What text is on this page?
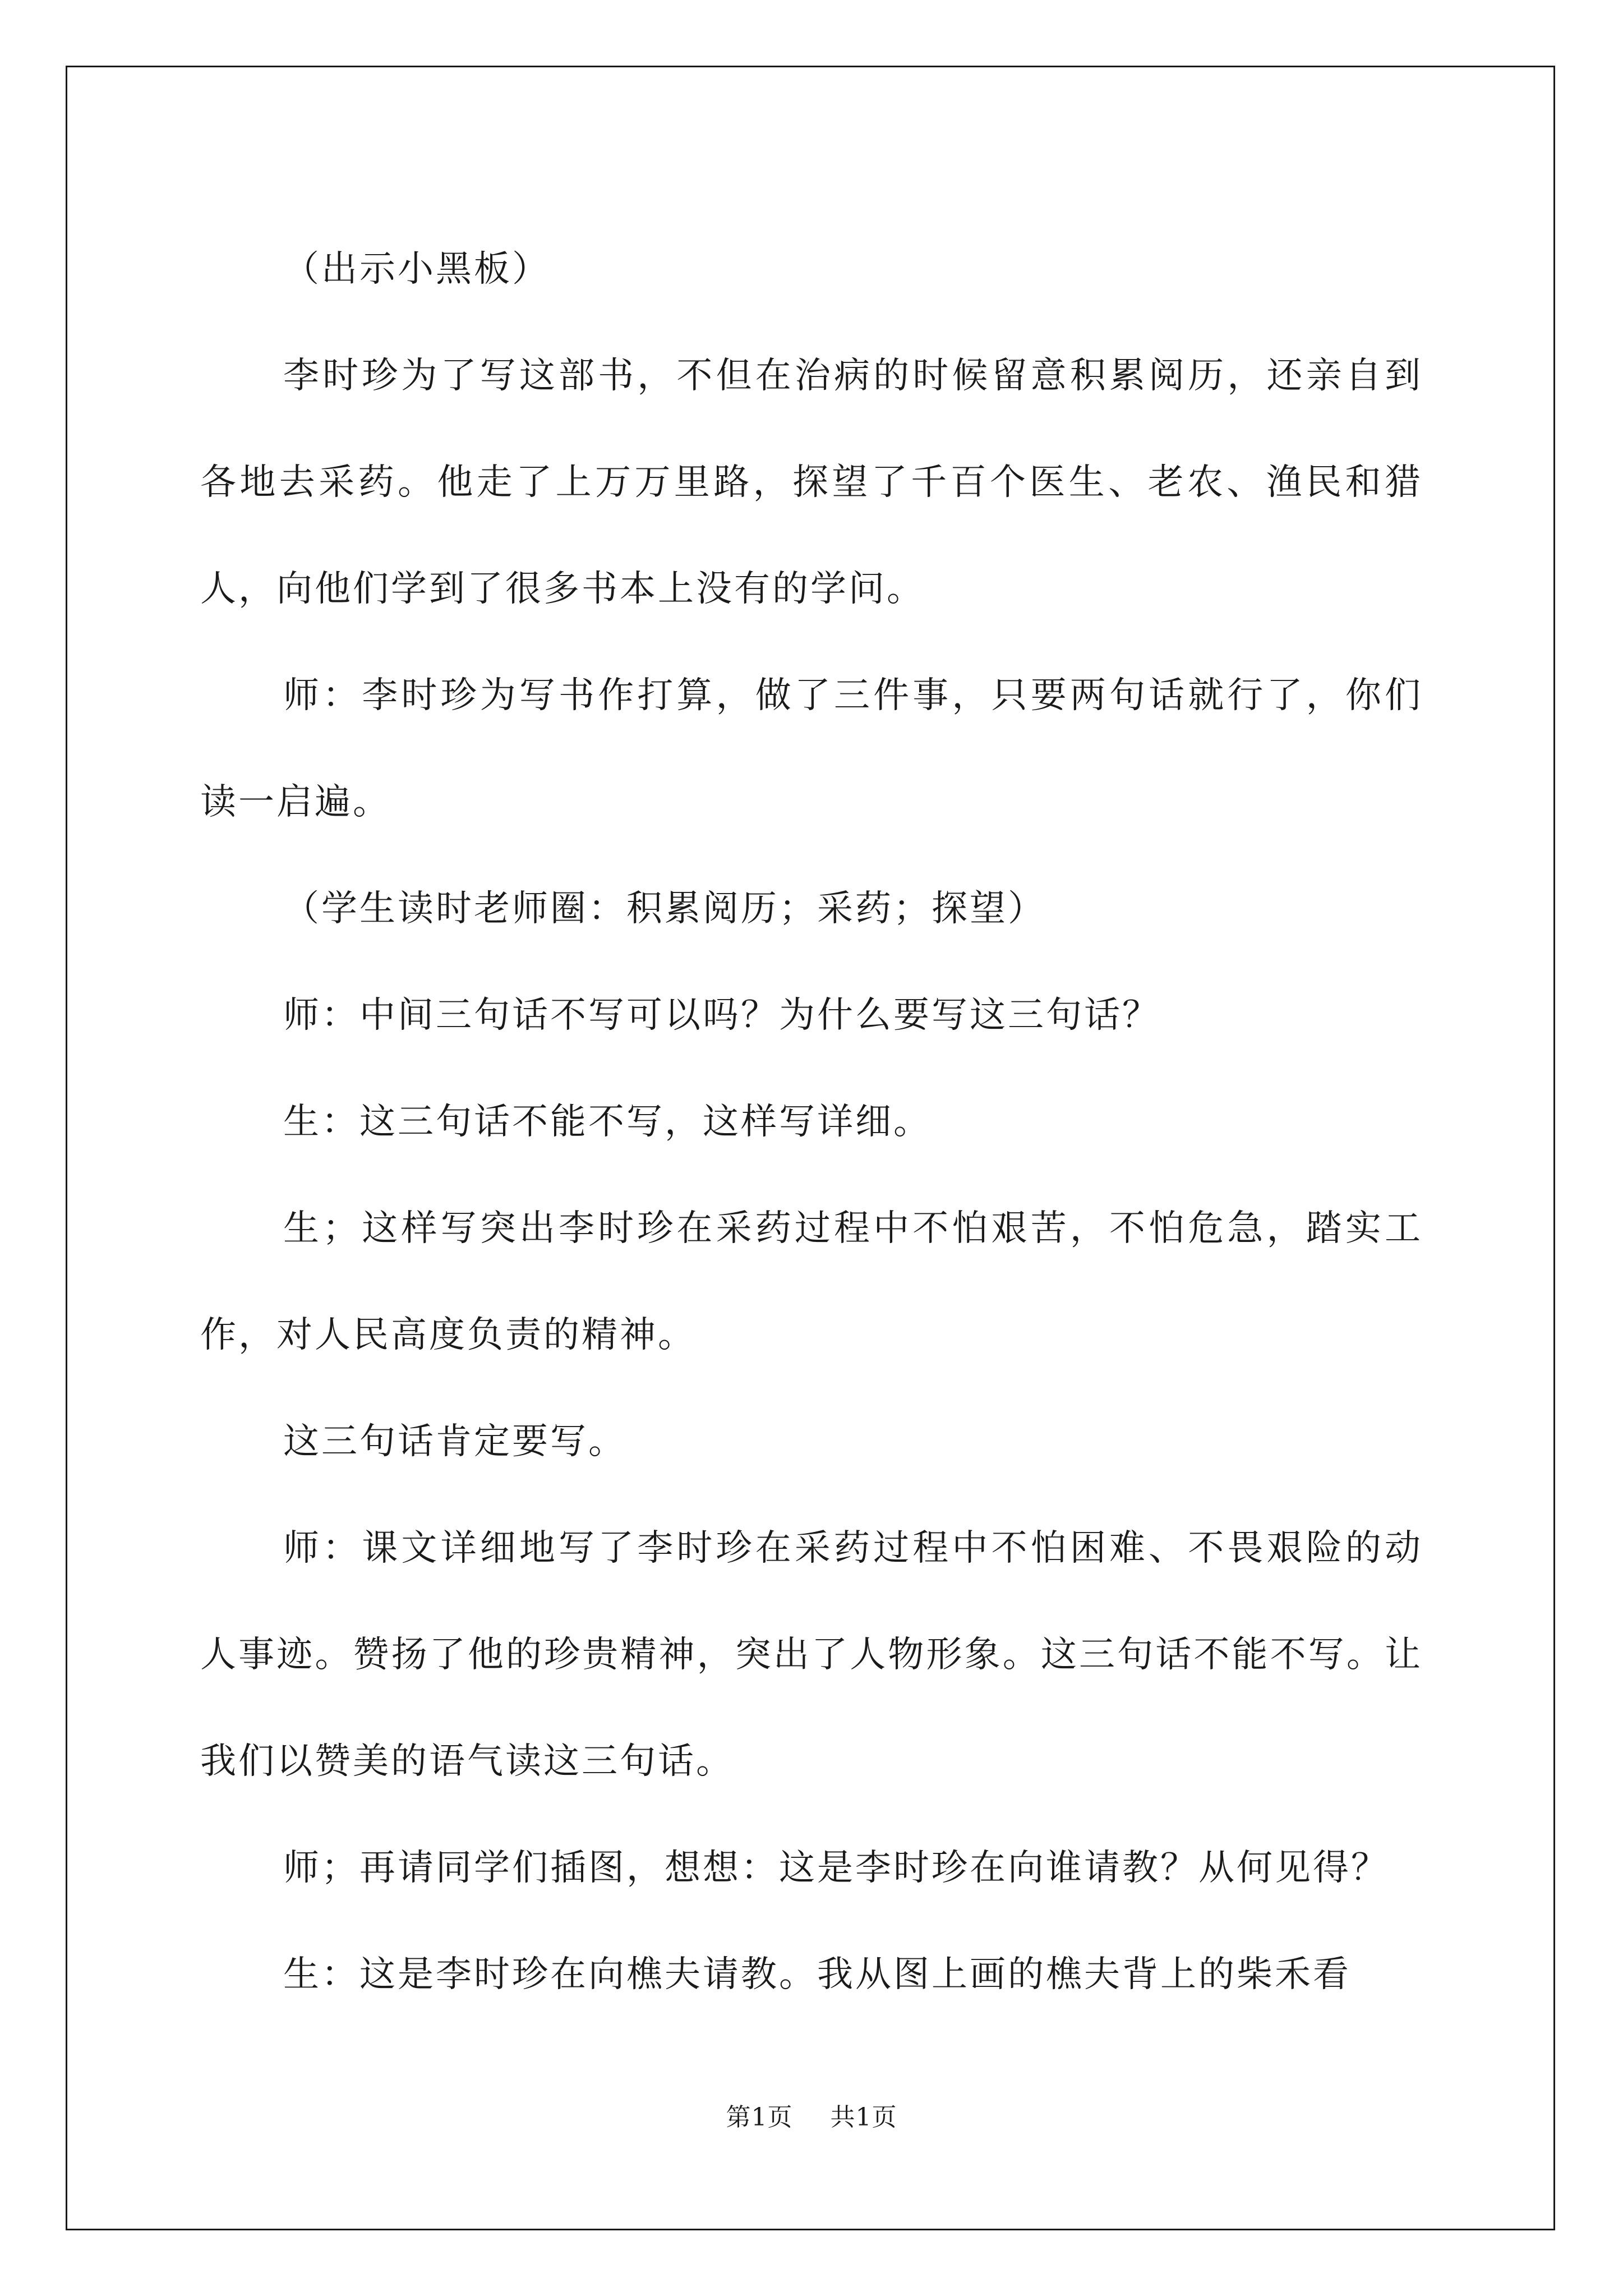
（出示小黑板）

李时珍为了写这部书，不但在治病的时候留意积累阅历，还亲自到各地去采药。他走了上万万里路，探望了千百个医生、老农、渔民和猎人，向他们学到了很多书本上没有的学问。

师：李时珍为写书作打算，做了三件事，只要两句话就行了，你们读一启遍。

（学生读时老师圈：积累阅历；采药；探望）

师：中间三句话不写可以吗？为什么要写这三句话？

生：这三句话不能不写，这样写详细。

生；这样写突出李时珍在采药过程中不怕艰苦，不怕危急，踏实工作，对人民高度负责的精神。

这三句话肯定要写。

师：课文详细地写了李时珍在采药过程中不怕困难、不畏艰险的动人事迹。赞扬了他的珍贵精神，突出了人物形象。这三句话不能不写。让我们以赞美的语气读这三句话。

师；再请同学们插图，想想：这是李时珍在向谁请教？从何见得？

生：这是李时珍在向樵夫请教。我从图上画的樵夫背上的柴禾看

第1页 共1页
